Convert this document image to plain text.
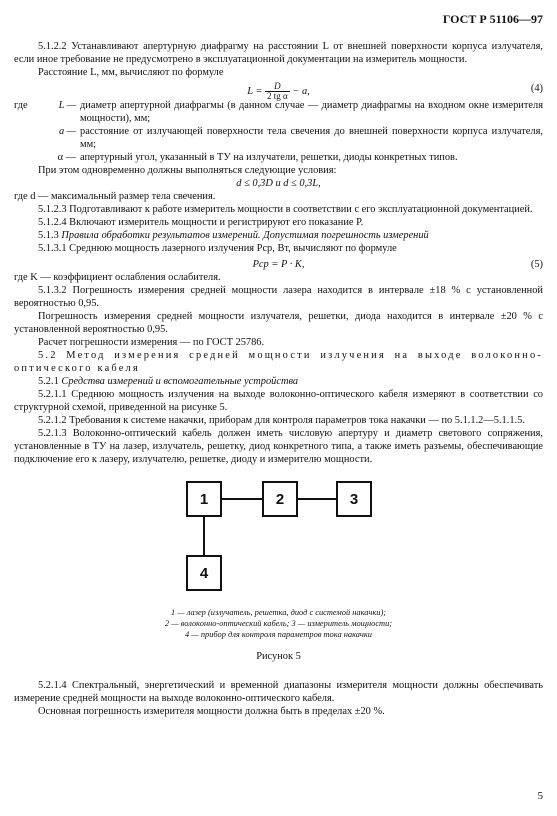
ГОСТ Р 51106—97

5.1.2.2 Устанавливают апертурную диафрагму на расстоянии L от внешней поверхности корпуса излучателя, если иное требование не предусмотрено в эксплуатационной документации на измеритель мощности.

Расстояние L, мм, вычисляют по формуле

$L = \frac{D}{\text{2 tg α}} - a$,	(4)
где	L — диаметр апертурной диафрагмы (в данном случае — диаметр диафрагмы на входном окне измерителя мощности), мм;
a — расстояние от излучающей поверхности тела свечения до внешней поверхности корпуса излучателя, мм;
α — апертурный угол, указанный в ТУ на излучатели, решетки, диоды конкретных типов.

При этом одновременно должны выполняться следующие условия:

d ≤ 0,3D и d ≤ 0,3L,

где d — максимальный размер тела свечения.

5.1.2.3 Подготавливают к работе измеритель мощности в соответствии с его эксплуатационной документацией.

5.1.2.4 Включают измеритель мощности и регистрируют его показание P.

5.1.3 Правила обработки результатов измерений. Допустимая погрешность измерений

5.1.3.1 Среднюю мощность лазерного излучения Pср, Вт, вычисляют по формуле

Pср = P · K,	(5)

где K — коэффициент ослабления ослабителя.

5.1.3.2 Погрешность измерения средней мощности лазера находится в интервале ±18 % с установленной вероятностью 0,95.

Погрешность измерения средней мощности излучателя, решетки, диода находится в интервале ±20 % с установленной вероятностью 0,95.

Расчет погрешности измерения — по ГОСТ 25786.

5.2 Метод измерения средней мощности излучения на выходе волоконно-оптического кабеля

5.2.1 Средства измерений и вспомогательные устройства

5.2.1.1 Среднюю мощность излучения на выходе волоконно-оптического кабеля измеряют в соответствии со структурной схемой, приведенной на рисунке 5.

5.2.1.2 Требования к системе накачки, приборам для контроля параметров тока накачки — по 5.1.1.2—5.1.1.5.

5.2.1.3 Волоконно-оптический кабель должен иметь числовую апертуру и диаметр светового сопряжения, установленные в ТУ на лазер, излучатель, решетку, диод конкретного типа, а также иметь разъемы, обеспечивающие подключение его к лазеру, излучателю, решетке, диоду и измерителю мощности.

1	2	3
4
1 — лазер (излучатель, решетка, диод с системой накачки);
2 — волоконно-оптический кабель; 3 — измеритель мощности;
4 — прибор для контроля параметров тока накачки
Рисунок 5

5.2.1.4 Спектральный, энергетический и временной диапазоны измерителя мощности должны обеспечивать измерение средней мощности на выходе волоконно-оптического кабеля.

Основная погрешность измерителя мощности должна быть в пределах ±20 %.

5
